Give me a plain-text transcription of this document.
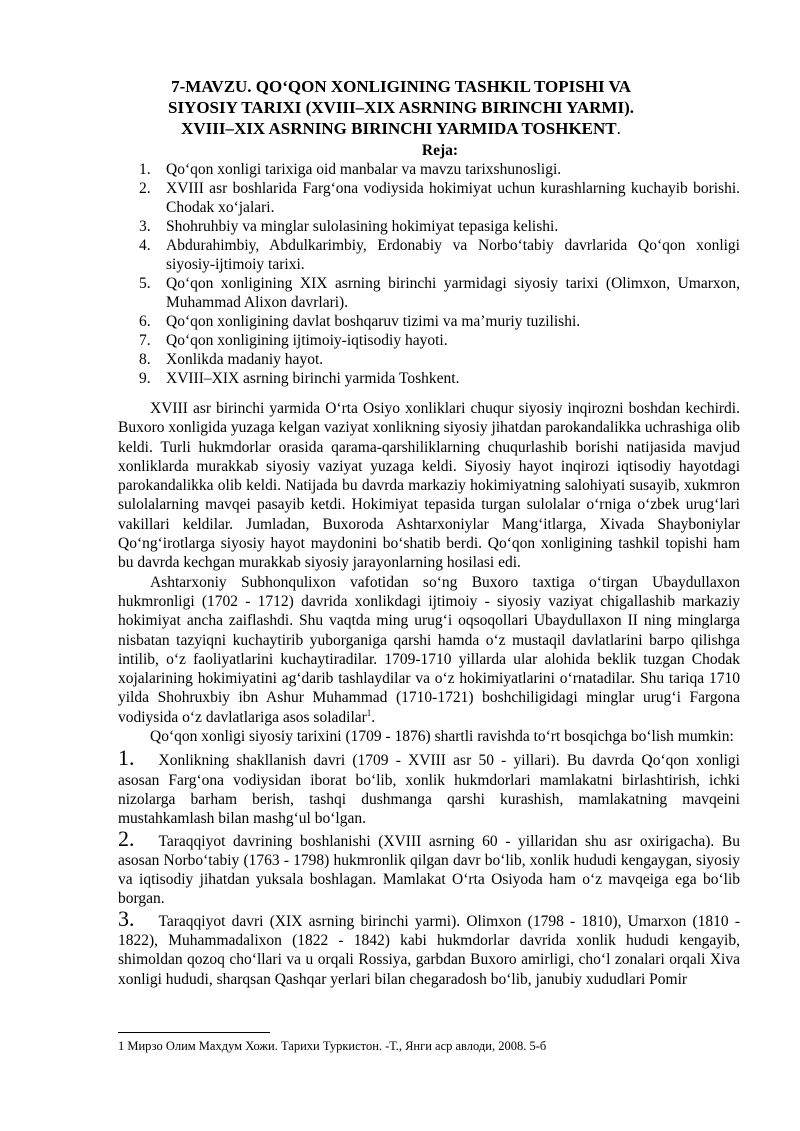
7-MAVZU. QO‘QON XONLIGINING TASHKIL TOPISHI VA
SIYOSIY TARIXI (XVIII–XIX ASRNING BIRINCHI YARMI).
XVIII–XIX ASRNING BIRINCHI YARMIDA TOSHKENT.
Reja:
1. Qo‘qon xonligi tarixiga oid manbalar va mavzu tarixshunosligi.
2. XVIII asr boshlarida Farg‘ona vodiysida hokimiyat uchun kurashlarning kuchayib borishi. Chodak xo‘jalari.
3. Shohruhbiy va minglar sulolasining hokimiyat tepasiga kelishi.
4. Abdurahimbiy, Abdulkarimbiy, Erdonabiy va Norbo‘tabiy davrlarida Qo‘qon xonligi siyosiy-ijtimoiy tarixi.
5. Qo‘qon xonligining XIX asrning birinchi yarmidagi siyosiy tarixi (Olimxon, Umarxon, Muhammad Alixon davrlari).
6. Qo‘qon xonligining davlat boshqaruv tizimi va ma’muriy tuzilishi.
7. Qo‘qon xonligining ijtimoiy-iqtisodiy hayoti.
8. Xonlikda madaniy hayot.
9. XVIII–XIX asrning birinchi yarmida Toshkent.

XVIII asr birinchi yarmida O‘rta Osiyo xonliklari chuqur siyosiy inqirozni boshdan kechirdi. Buxoro xonligida yuzaga kelgan vaziyat xonlikning siyosiy jihatdan parokandalikka uchrashiga olib keldi. Turli hukmdorlar orasida qarama-qarshiliklarning chuqurlashib borishi natijasida mavjud xonliklarda murakkab siyosiy vaziyat yuzaga keldi. Siyosiy hayot inqirozi iqtisodiy hayotdagi parokandalikka olib keldi. Natijada bu davrda markaziy hokimiyatning salohiyati susayib, xukmron sulolalarning mavqei pasayib ketdi. Hokimiyat tepasida turgan sulolalar o‘rniga o‘zbek urug‘lari vakillari keldilar. Jumladan, Buxoroda Ashtarxoniylar Mang‘itlarga, Xivada Shayboniylar Qo‘ng‘irotlarga siyosiy hayot maydonini bo‘shatib berdi. Qo‘qon xonligining tashkil topishi ham bu davrda kechgan murakkab siyosiy jarayonlarning hosilasi edi.

Ashtarxoniy Subhonqulixon vafotidan so‘ng Buxoro taxtiga o‘tirgan Ubaydullaxon hukmronligi (1702 - 1712) davrida xonlikdagi ijtimoiy - siyosiy vaziyat chigallashib markaziy hokimiyat ancha zaiflashdi. Shu vaqtda ming urug‘i oqsoqollari Ubaydullaxon II ning minglarga nisbatan tazyiqni kuchaytirib yuborganiga qarshi hamda o‘z mustaqil davlatlarini barpo qilishga intilib, o‘z faoliyatlarini kuchaytiradilar. 1709-1710 yillarda ular alohida beklik tuzgan Chodak xojalarining hokimiyatini ag‘darib tashlaydilar va o‘z hokimiyatlarini o‘rnatadilar. Shu tariqa 1710 yilda Shohruxbiy ibn Ashur Muhammad (1710-1721) boshchiligidagi minglar urug‘i Fargona vodiysida o‘z davlatlariga asos soladilar$^1$.

Qo‘qon xonligi siyosiy tarixini (1709 - 1876) shartli ravishda to‘rt bosqichga bo‘lish mumkin:

1. Xonlikning shakllanish davri (1709 - XVIII asr 50 - yillari). Bu davrda Qo‘qon xonligi asosan Farg‘ona vodiysidan iborat bo‘lib, xonlik hukmdorlari mamlakatni birlashtirish, ichki nizolarga barham berish, tashqi dushmanga qarshi kurashish, mamlakatning mavqeini mustahkamlash bilan mashg‘ul bo‘lgan.

2. Taraqqiyot davrining boshlanishi (XVIII asrning 60 - yillaridan shu asr oxirigacha). Bu asosan Norbo‘tabiy (1763 - 1798) hukmronlik qilgan davr bo‘lib, xonlik hududi kengaygan, siyosiy va iqtisodiy jihatdan yuksala boshlagan. Mamlakat O‘rta Osiyoda ham o‘z mavqeiga ega bo‘lib borgan.

3. Taraqqiyot davri (XIX asrning birinchi yarmi). Olimxon (1798 - 1810), Umarxon (1810 - 1822), Muhammadalixon (1822 - 1842) kabi hukmdorlar davrida xonlik hududi kengayib, shimoldan qozoq cho‘llari va u orqali Rossiya, garbdan Buxoro amirligi, cho‘l zonalari orqali Xiva xonligi hududi, sharqsan Qashqar yerlari bilan chegaradosh bo‘lib, janubiy xududlari Pomir

1 Мирзо Олим Махдум Хожи. Тарихи Туркистон. -Т., Янги аср авлоди, 2008. 5-б
